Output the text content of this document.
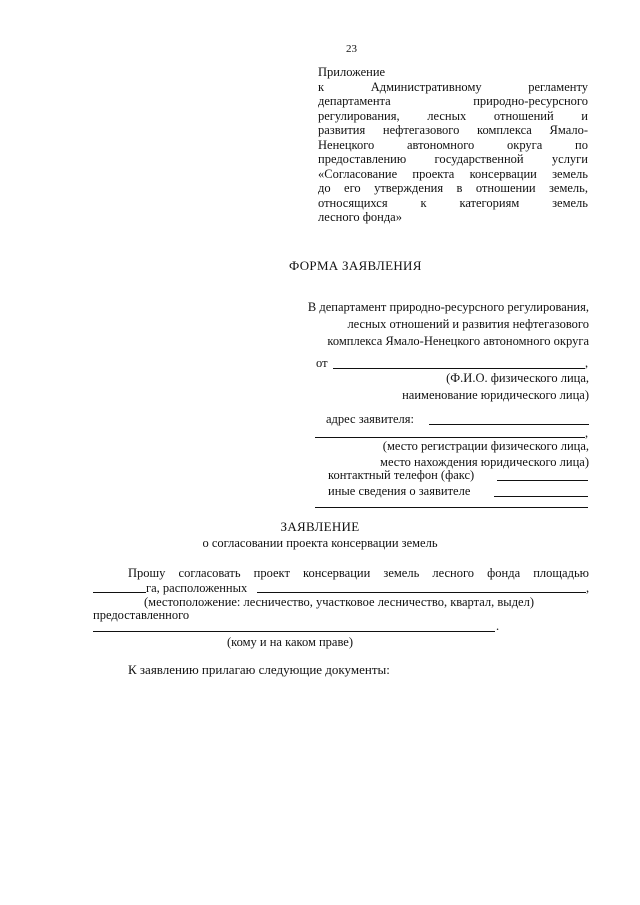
23
Приложение
к Административному регламенту
департамента природно-ресурсного
регулирования, лесных отношений и
развития нефтегазового комплекса Ямало-
Ненецкого автономного округа по
предоставлению государственной услуги
«Согласование проекта консервации земель
до его утверждения в отношении земель,
относящихся к категориям земель
лесного фонда»
ФОРМА ЗАЯВЛЕНИЯ
В департамент природно-ресурсного регулирования,
лесных отношений и развития нефтегазового
комплекса Ямало-Ненецкого автономного округа
от	,
(Ф.И.О. физического лица,
наименование юридического лица)
адрес заявителя:
,
(место регистрации физического лица,
место нахождения юридического лица)
контактный телефон (факс)
иные сведения о заявителе
ЗАЯВЛЕНИЕ
о согласовании проекта консервации земель
Прошу согласовать проект консервации земель лесного фонда площадью
га, расположенных	,
(местоположение: лесничество, участковое лесничество, квартал, выдел)
предоставленного
.
(кому и на каком праве)
К заявлению прилагаю следующие документы:
